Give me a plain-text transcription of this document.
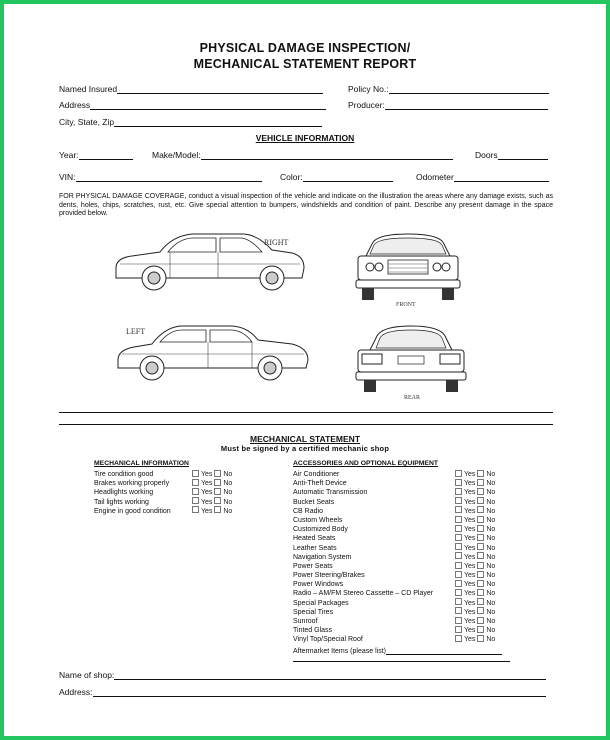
PHYSICAL DAMAGE INSPECTION/
MECHANICAL STATEMENT REPORT
Named Insured	Policy No.:
Address	Producer:
City, State, Zip
VEHICLE INFORMATION
Year:	Make/Model:	Doors
VIN:	Color:	Odometer
FOR PHYSICAL DAMAGE COVERAGE, conduct a visual inspection of the vehicle and indicate on the illustration the areas where any damage exists, such as dents, holes, chips, scratches, rust, etc. Give special attention to bumpers, windshields and condition of paint. Describe any present damage in the space provided below.
RIGHT
FRONT
LEFT
REAR
MECHANICAL STATEMENT
Must be signed by a certified mechanic shop
MECHANICAL INFORMATION
Tire condition good	Yes No
Brakes working properly	Yes No
Headlights working	Yes No
Tail lights working	Yes No
Engine in good condition	Yes No
ACCESSORIES AND OPTIONAL EQUIPMENT
Air Conditioner	Yes No
Anti-Theft Device	Yes No
Automatic Transmission	Yes No
Bucket Seats	Yes No
CB Radio	Yes No
Custom Wheels	Yes No
Customized Body	Yes No
Heated Seats	Yes No
Leather Seats	Yes No
Navigation System	Yes No
Power Seats	Yes No
Power Steering/Brakes	Yes No
Power Windows	Yes No
Radio – AM/FM Stereo Cassette – CD Player	Yes No
Special Packages	Yes No
Special Tires	Yes No
Sunroof	Yes No
Tinted Glass	Yes No
Vinyl Top/Special Roof	Yes No
Aftermarket Items (please list)
Name of shop:
Address:
